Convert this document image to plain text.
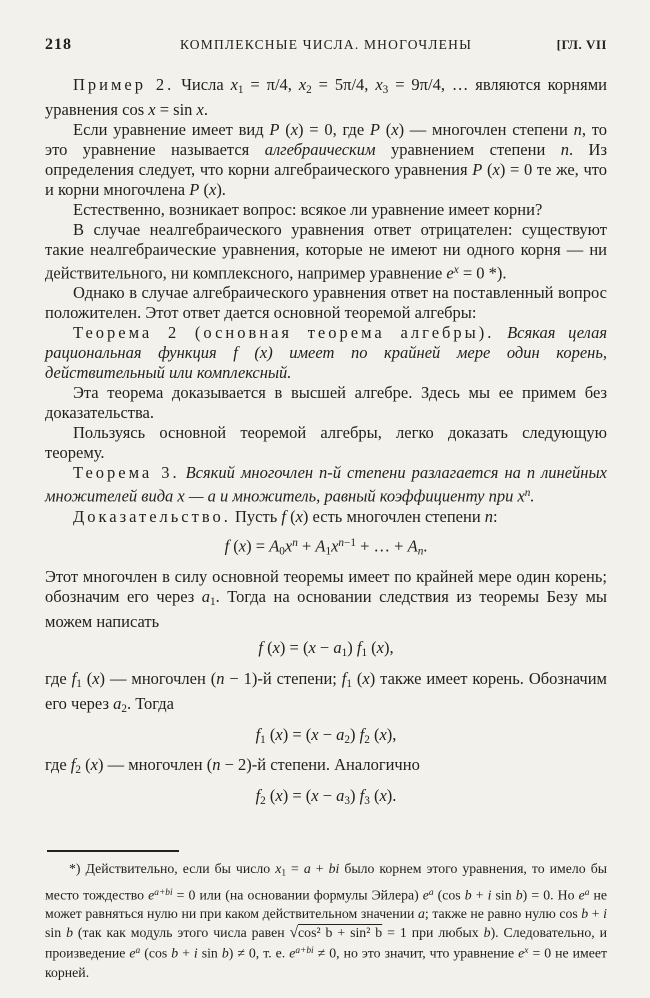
218	КОМПЛЕКСНЫЕ ЧИСЛА. МНОГОЧЛЕНЫ	[ГЛ. VII
Пример 2. Числа x1 = π/4, x2 = 5π/4, x3 = 9π/4, … являются корнями уравнения cos x = sin x.
Если уравнение имеет вид P (x) = 0, где P (x) — многочлен степени n, то это уравнение называется алгебраическим уравнением степени n. Из определения следует, что корни алгебраического уравнения P (x) = 0 те же, что и корни многочлена P (x).
Естественно, возникает вопрос: всякое ли уравнение имеет корни?
В случае неалгебраического уравнения ответ отрицателен: существуют такие неалгебраические уравнения, которые не имеют ни одного корня — ни действительного, ни комплексного, например уравнение $e^x = 0$ *).
Однако в случае алгебраического уравнения ответ на поставленный вопрос положителен. Этот ответ дается основной теоремой алгебры:
Теорема 2 (основная теорема алгебры). Всякая целая рациональная функция f (x) имеет по крайней мере один корень, действительный или комплексный.
Эта теорема доказывается в высшей алгебре. Здесь мы ее примем без доказательства.
Пользуясь основной теоремой алгебры, легко доказать следующую теорему.
Теорема 3. Всякий многочлен n-й степени разлагается на n линейных множителей вида x — a и множитель, равный коэффициенту при $x^n$.
Доказательство. Пусть f (x) есть многочлен степени n:
f $(x) = A0x^n + A1x^{n-1}$ + … + An.
Этот многочлен в силу основной теоремы имеет по крайней мере один корень; обозначим его через a1. Тогда на основании следствия из теоремы Безу мы можем написать
f (x) = (x − a1) f1 (x),
где f1 (x) — многочлен (n − 1)-й степени; f1 (x) также имеет корень. Обозначим его через a2. Тогда
f1 (x) = (x − a2) f2 (x),
где f2 (x) — многочлен (n − 2)-й степени. Аналогично
f2 (x) = (x − a3) f3 (x).
*) Действительно, если бы число x1 = a + bi было корнем этого уравнения, то имело бы место тождество $e^{a+bi} = 0$ или (на основании формулы Эйлера) $e^a$ (cos b + i sin b) = 0. Но $e^a$ не может равняться нулю ни при каком действительном значении a; также не равно нулю cos b + i sin b (так как модуль этого числа равен √cos² b + sin² b = 1 при любых b). Следовательно, и произведение $e^a$ (cos b + i sin b) ≠ 0, т. е. $e^{a+bi} \ne 0$, но это значит, что уравнение $e^x = 0$ не имеет корней.
